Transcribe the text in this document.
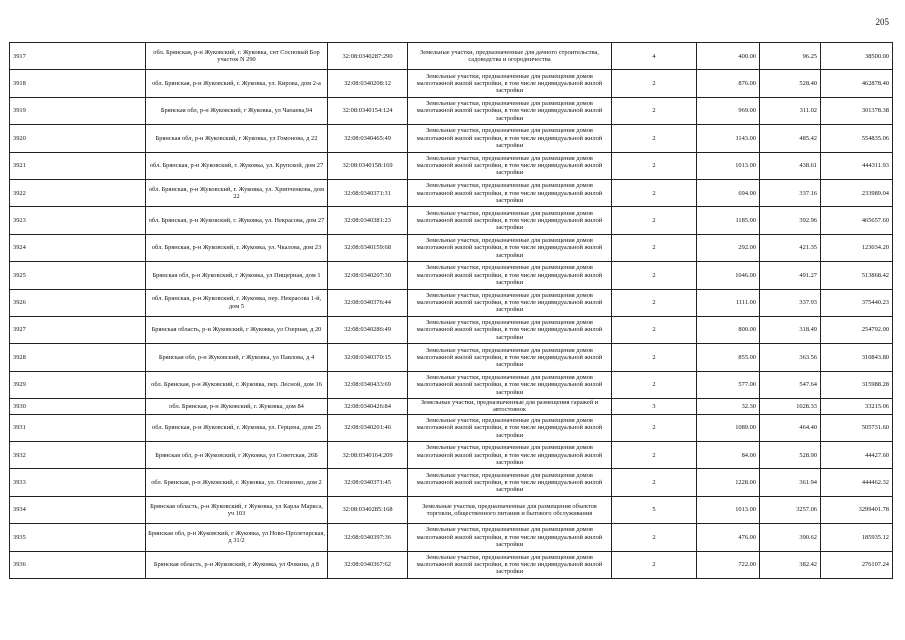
205
3917	обл. Брянская, р-н Жуковский, г. Жуковка, снт Сосновый Бор участок N 290	32:08:0340287:290	Земельные участки, предназначенные для дачного строительства, садоводства и огородничества	4	400.00	96.25	38500.00
3918	обл. Брянская, р-н Жуковский, г. Жуковка, ул. Кирова, дом 2-а	32:08:0340208:12	Земельные участки, предназначенные для размещения домов малоэтажной жилой застройки, в том числе индивидуальной жилой застройки	2	876.00	528.40	462878.40
3919	Брянская обл, р-н Жуковский, г Жуковка, ул Чапаева,94	32:08:0340154:124	Земельные участки, предназначенные для размещения домов малоэтажной жилой застройки, в том числе индивидуальной жилой застройки	2	969.00	311.02	301378.38
3920	Брянская обл, р-н Жуковский, г Жуковка, ул Гомонова, д 22	32:08:0340465:49	Земельные участки, предназначенные для размещения домов малоэтажной жилой застройки, в том числе индивидуальной жилой застройки	2	1143.00	485.42	554835.06
3921	обл. Брянская, р-н Жуковский, г. Жуковка, ул. Крупской, дом 27	32:08:0340158:169	Земельные участки, предназначенные для размещения домов малоэтажной жилой застройки, в том числе индивидуальной жилой застройки	2	1013.00	438.61	444311.93
3922	обл. Брянская, р-н Жуковский, г. Жуковка, ул. Хрипченкова, дом 22	32:08:0340371:31	Земельные участки, предназначенные для размещения домов малоэтажной жилой застройки, в том числе индивидуальной жилой застройки	2	694.00	337.16	233989.04
3923	обл. Брянская, р-н Жуковский, г. Жуковка, ул. Некрасова, дом 27	32:08:0340381:23	Земельные участки, предназначенные для размещения домов малоэтажной жилой застройки, в том числе индивидуальной жилой застройки	2	1185.00	392.96	465657.60
3924	обл. Брянская, р-н Жуковский, г. Жуковка, ул. Чкалова, дом 23	32:08:0340159:68	Земельные участки, предназначенные для размещения домов малоэтажной жилой застройки, в том числе индивидуальной жилой застройки	2	292.00	421.35	123034.20
3925	Брянская обл, р-н Жуковский, г Жуковка, ул Пищерная, дом 1	32:08:0340207:30	Земельные участки, предназначенные для размещения домов малоэтажной жилой застройки, в том числе индивидуальной жилой застройки	2	1046.00	491.27	513868.42
3926	обл. Брянская, р-н Жуковский, г. Жуковка, пер. Некрасова 1-й, дом 5	32:08:0340376:44	Земельные участки, предназначенные для размещения домов малоэтажной жилой застройки, в том числе индивидуальной жилой застройки	2	1111.00	337.93	375440.23
3927	Брянская область, р-н Жуковский, г Жуковка, ул Озерная, д 20	32:08:0340286:49	Земельные участки, предназначенные для размещения домов малоэтажной жилой застройки, в том числе индивидуальной жилой застройки	2	800.00	318.49	254792.00
3928	Брянская обл, р-н Жуковский, г Жуковка, ул Павлова, д 4	32:08:0340370:15	Земельные участки, предназначенные для размещения домов малоэтажной жилой застройки, в том числе индивидуальной жилой застройки	2	855.00	363.56	310843.80
3929	обл. Брянская, р-н Жуковский, г. Жуковка, пер. Лесной, дом 16	32:08:0340433:69	Земельные участки, предназначенные для размещения домов малоэтажной жилой застройки, в том числе индивидуальной жилой застройки	2	577.00	547.64	315988.28
3930	обл. Брянская, р-н Жуковский, г. Жуковка, дом 84	32:08:0340426:84	Земельные участки, предназначенные для размещения гаражей и автостоянок	3	32.30	1028.33	33215.06
3931	обл. Брянская, р-н Жуковский, г. Жуковка, ул. Герцена, дом 25	32:08:0340201:46	Земельные участки, предназначенные для размещения домов малоэтажной жилой застройки, в том числе индивидуальной жилой застройки	2	1089.00	464.40	505731.60
3932	Брянская обл, р-н Жуковский, г Жуковка, ул Советская, 26Б	32:08:0340164:209	Земельные участки, предназначенные для размещения домов малоэтажной жилой застройки, в том числе индивидуальной жилой застройки	2	84.00	528.90	44427.60
3933	обл. Брянская, р-н Жуковский, г. Жуковка, ул. Осипенко, дом 2	32:08:0340371:45	Земельные участки, предназначенные для размещения домов малоэтажной жилой застройки, в том числе индивидуальной жилой застройки	2	1228.00	361.94	444462.32
3934	Брянская область, р-н Жуковский, г Жуковка, ул Карла Маркса, уч 103	32:08:0340285:168	Земельные участки, предназначенные для размещения объектов торговли, общественного питания и бытового обслуживания	5	1013.00	3257.06	3299401.78
3935	Брянская обл, р-н Жуковский, г Жуковка, ул Ново-Пролетарская, д 31/2	32:08:0340397:36	Земельные участки, предназначенные для размещения домов малоэтажной жилой застройки, в том числе индивидуальной жилой застройки	2	476.00	390.62	185935.12
3936	Брянская область, р-н Жуковский, г Жуковка, ул Фокина, д 8	32:08:0340367:62	Земельные участки, предназначенные для размещения домов малоэтажной жилой застройки, в том числе индивидуальной жилой застройки	2	722.00	382.42	276107.24
